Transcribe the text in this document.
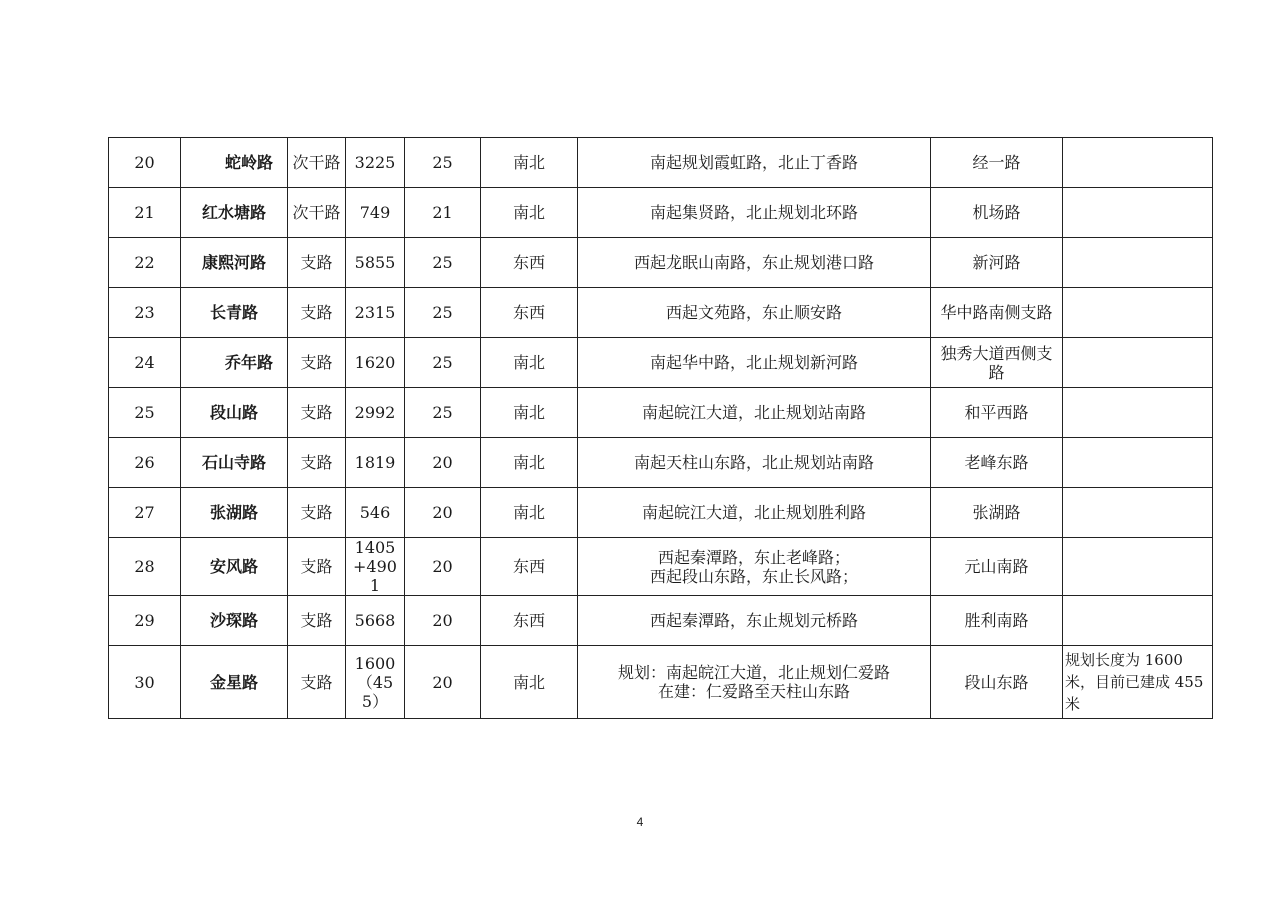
20	蛇岭路	次干路	3225	25	南北	南起规划霞虹路，北止丁香路	经一路	
21	红水塘路	次干路	749	21	南北	南起集贤路，北止规划北环路	机场路	
22	康熙河路	支路	5855	25	东西	西起龙眠山南路，东止规划港口路	新河路	
23	长青路	支路	2315	25	东西	西起文苑路，东止顺安路	华中路南侧支路	
24	乔年路	支路	1620	25	南北	南起华中路，北止规划新河路	独秀大道西侧支路	
25	段山路	支路	2992	25	南北	南起皖江大道，北止规划站南路	和平西路	
26	石山寺路	支路	1819	20	南北	南起天柱山东路，北止规划站南路	老峰东路	
27	张湖路	支路	546	20	南北	南起皖江大道，北止规划胜利路	张湖路	
28	安风路	支路	1405+4901	20	东西	西起秦潭路，东止老峰路；
西起段山东路，东止长风路；	元山南路	
29	沙琛路	支路	5668	20	东西	西起秦潭路，东止规划元桥路	胜利南路	
30	金星路	支路	1600（455）	20	南北	规划：南起皖江大道，北止规划仁爱路
在建：仁爱路至天柱山东路	段山东路	规划长度为 1600 米，目前已建成 455 米
4
